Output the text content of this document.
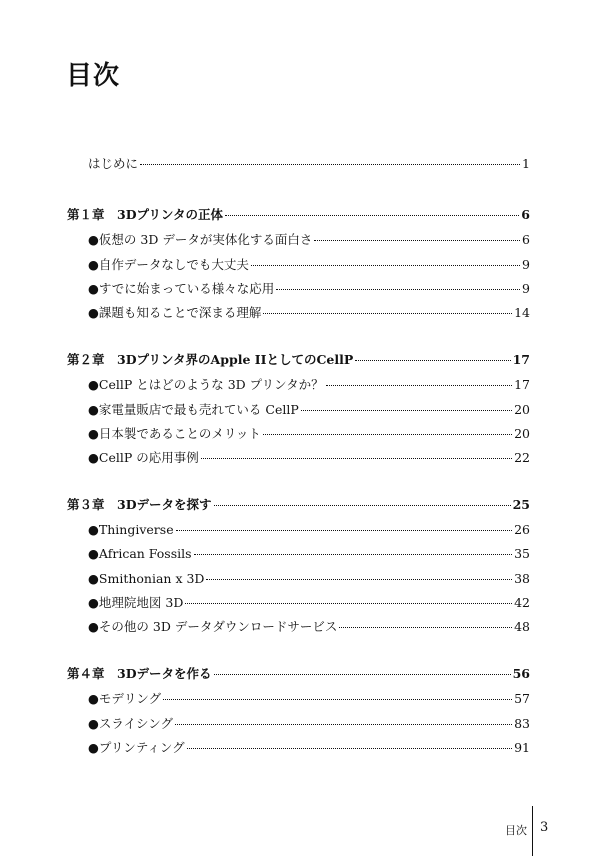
目次
はじめに	1
第１章　3Dプリンタの正体	6
●仮想の 3D データが実体化する面白さ	6
●自作データなしでも大丈夫	9
●すでに始まっている様々な応用	9
●課題も知ることで深まる理解	14
第２章　3Dプリンタ界のApple IIとしてのCellP	17
●CellP とはどのような 3D プリンタか？	17
●家電量販店で最も売れている CellP	20
●日本製であることのメリット	20
●CellP の応用事例	22
第３章　3Dデータを探す	25
●Thingiverse	26
●African Fossils	35
●Smithonian x 3D	38
●地理院地図 3D	42
●その他の 3D データダウンロードサービス	48
第４章　3Dデータを作る	56
●モデリング	57
●スライシング	83
●プリンティング	91
目次 3
